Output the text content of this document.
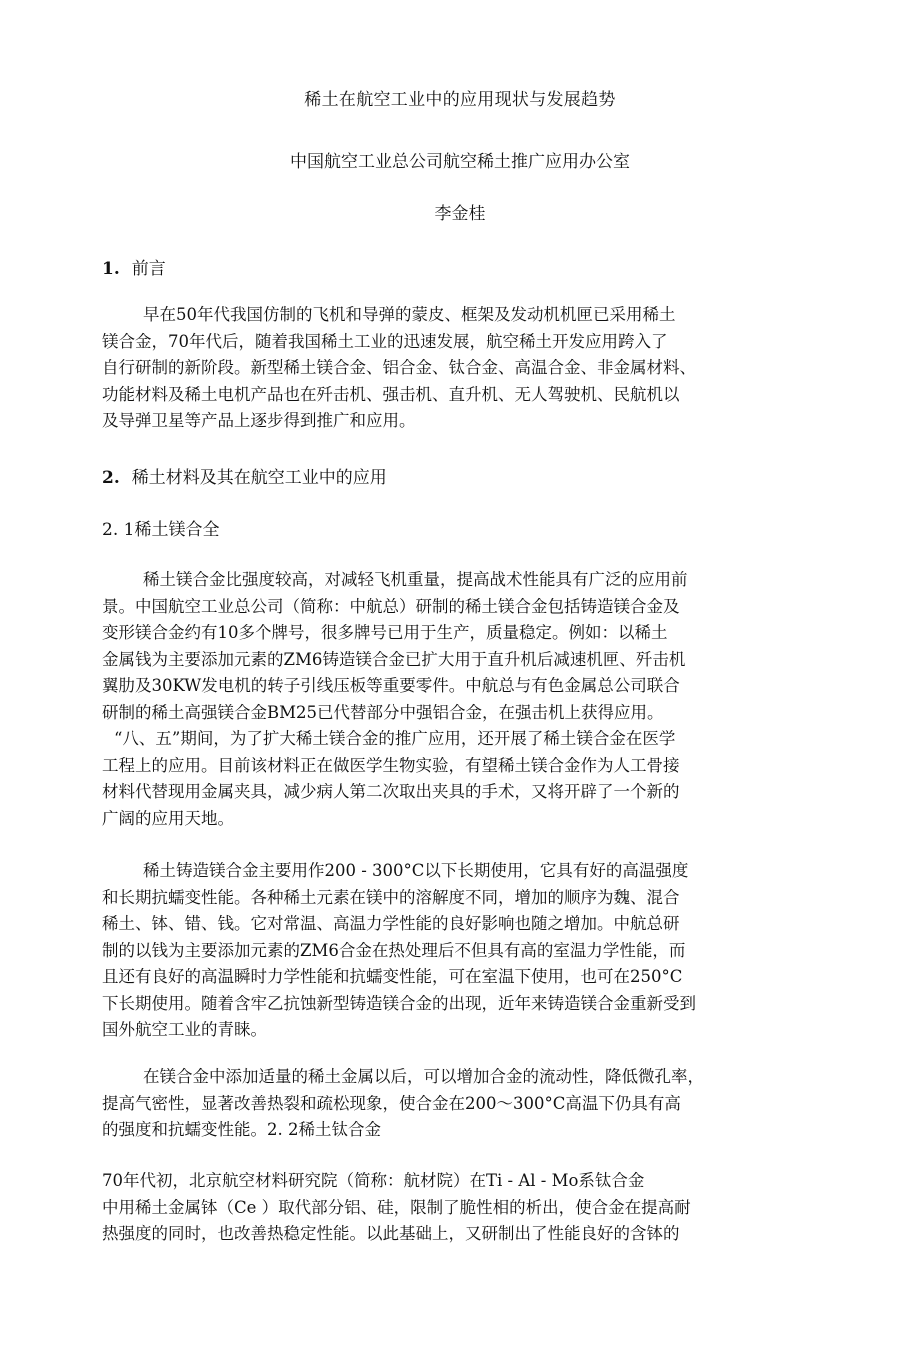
稀土在航空工业中的应用现状与发展趋势
中国航空工业总公司航空稀土推广应用办公室
李金桂
1. 前言
早在50年代我国仿制的飞机和导弹的蒙皮、框架及发动机机匣已采用稀土
镁合金，70年代后，随着我国稀土工业的迅速发展，航空稀土开发应用跨入了
自行研制的新阶段。新型稀土镁合金、铝合金、钛合金、高温合金、非金属材料、
功能材料及稀土电机产品也在歼击机、强击机、直升机、无人驾驶机、民航机以
及导弹卫星等产品上逐步得到推广和应用。
2. 稀土材料及其在航空工业中的应用
2. 1稀土镁合全
稀土镁合金比强度较高，对减轻飞机重量，提高战术性能具有广泛的应用前
景。中国航空工业总公司（简称：中航总）研制的稀土镁合金包括铸造镁合金及
变形镁合金约有10多个牌号，很多牌号已用于生产，质量稳定。例如：以稀土
金属钱为主要添加元素的ZM6铸造镁合金已扩大用于直升机后减速机匣、歼击机
翼肋及30KW发电机的转子引线压板等重要零件。中航总与有色金属总公司联合
研制的稀土高强镁合金BM25已代替部分中强铝合金，在强击机上获得应用。
“八、五”期间，为了扩大稀土镁合金的推广应用，还开展了稀土镁合金在医学
工程上的应用。目前该材料正在做医学生物实验，有望稀土镁合金作为人工骨接
材料代替现用金属夹具，减少病人第二次取出夹具的手术，又将开辟了一个新的
广阔的应用天地。
稀土铸造镁合金主要用作200 - 300°C以下长期使用，它具有好的高温强度
和长期抗蠕变性能。各种稀土元素在镁中的溶解度不同，增加的顺序为魏、混合
稀土、钵、错、钱。它对常温、高温力学性能的良好影响也随之增加。中航总研
制的以钱为主要添加元素的ZM6合金在热处理后不但具有高的室温力学性能，而
且还有良好的高温瞬时力学性能和抗蠕变性能，可在室温下使用，也可在250°C
下长期使用。随着含牢乙抗蚀新型铸造镁合金的出现，近年来铸造镁合金重新受到
国外航空工业的青睐。
在镁合金中添加适量的稀土金属以后，可以增加合金的流动性，降低微孔率，
提高气密性，显著改善热裂和疏松现象，使合金在200～300°C高温下仍具有高
的强度和抗蠕变性能。2. 2稀土钛合金
70年代初，北京航空材料研究院（简称：航材院）在Ti - Al - Mo系钛合金
中用稀土金属钵（Ce ）取代部分铝、硅，限制了脆性相的析出，使合金在提高耐
热强度的同时，也改善热稳定性能。以此基础上，又研制出了性能良好的含钵的
